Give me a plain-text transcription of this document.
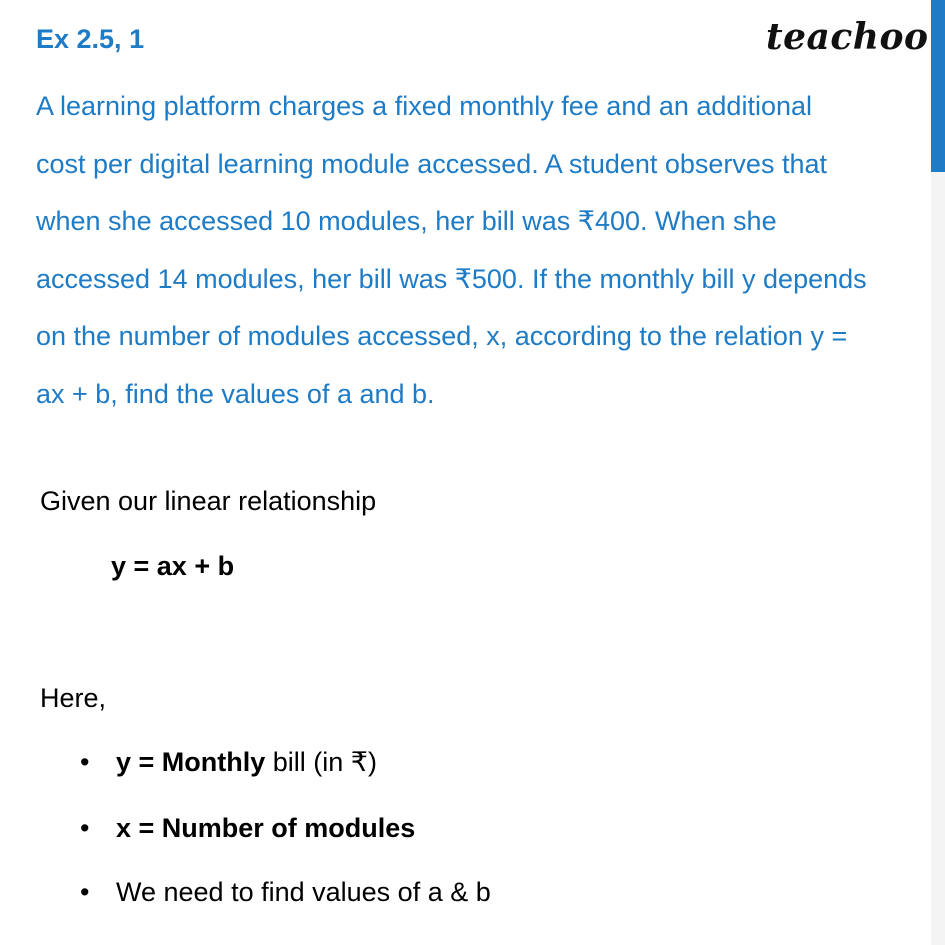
Ex 2.5, 1	teachoo
A learning platform charges a fixed monthly fee and an additional
cost per digital learning module accessed. A student observes that
when she accessed 10 modules, her bill was ₹400. When she
accessed 14 modules, her bill was ₹500. If the monthly bill y depends
on the number of modules accessed, x, according to the relation y =
ax + b, find the values of a and b.
Given our linear relationship
y = ax + b
Here,
• y = Monthly bill (in ₹)
• x = Number of modules
• We need to find values of a & b
